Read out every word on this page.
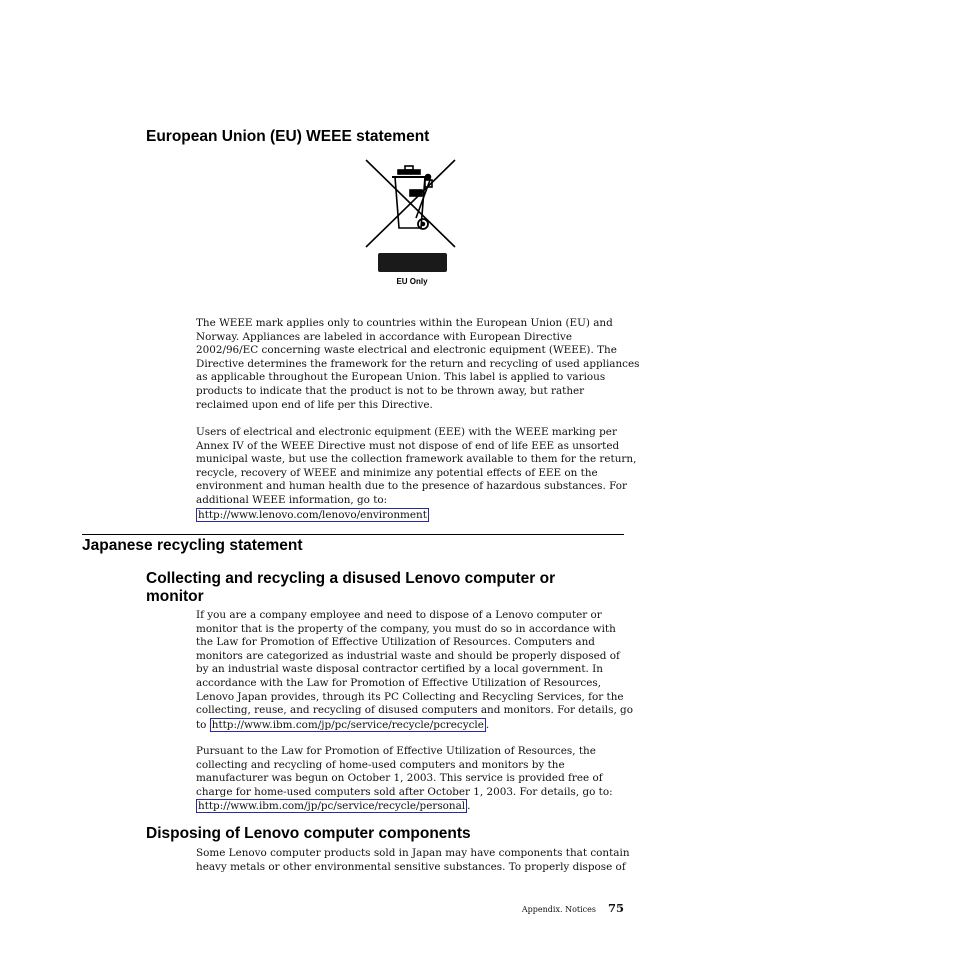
European Union (EU) WEEE statement
EU Only
The WEEE mark applies only to countries within the European Union (EU) and
Norway. Appliances are labeled in accordance with European Directive
2002/96/EC concerning waste electrical and electronic equipment (WEEE). The
Directive determines the framework for the return and recycling of used appliances
as applicable throughout the European Union. This label is applied to various
products to indicate that the product is not to be thrown away, but rather
reclaimed upon end of life per this Directive.
Users of electrical and electronic equipment (EEE) with the WEEE marking per
Annex IV of the WEEE Directive must not dispose of end of life EEE as unsorted
municipal waste, but use the collection framework available to them for the return,
recycle, recovery of WEEE and minimize any potential effects of EEE on the
environment and human health due to the presence of hazardous substances. For
additional WEEE information, go to:
http://www.lenovo.com/lenovo/environment
Japanese recycling statement
Collecting and recycling a disused Lenovo computer or
monitor
If you are a company employee and need to dispose of a Lenovo computer or
monitor that is the property of the company, you must do so in accordance with
the Law for Promotion of Effective Utilization of Resources. Computers and
monitors are categorized as industrial waste and should be properly disposed of
by an industrial waste disposal contractor certified by a local government. In
accordance with the Law for Promotion of Effective Utilization of Resources,
Lenovo Japan provides, through its PC Collecting and Recycling Services, for the
collecting, reuse, and recycling of disused computers and monitors. For details, go
to http://www.ibm.com/jp/pc/service/recycle/pcrecycle .
Pursuant to the Law for Promotion of Effective Utilization of Resources, the
collecting and recycling of home-used computers and monitors by the
manufacturer was begun on October 1, 2003. This service is provided free of
charge for home-used computers sold after October 1, 2003. For details, go to:
http://www.ibm.com/jp/pc/service/recycle/personal .
Disposing of Lenovo computer components
Some Lenovo computer products sold in Japan may have components that contain
heavy metals or other environmental sensitive substances. To properly dispose of
Appendix. Notices 75
